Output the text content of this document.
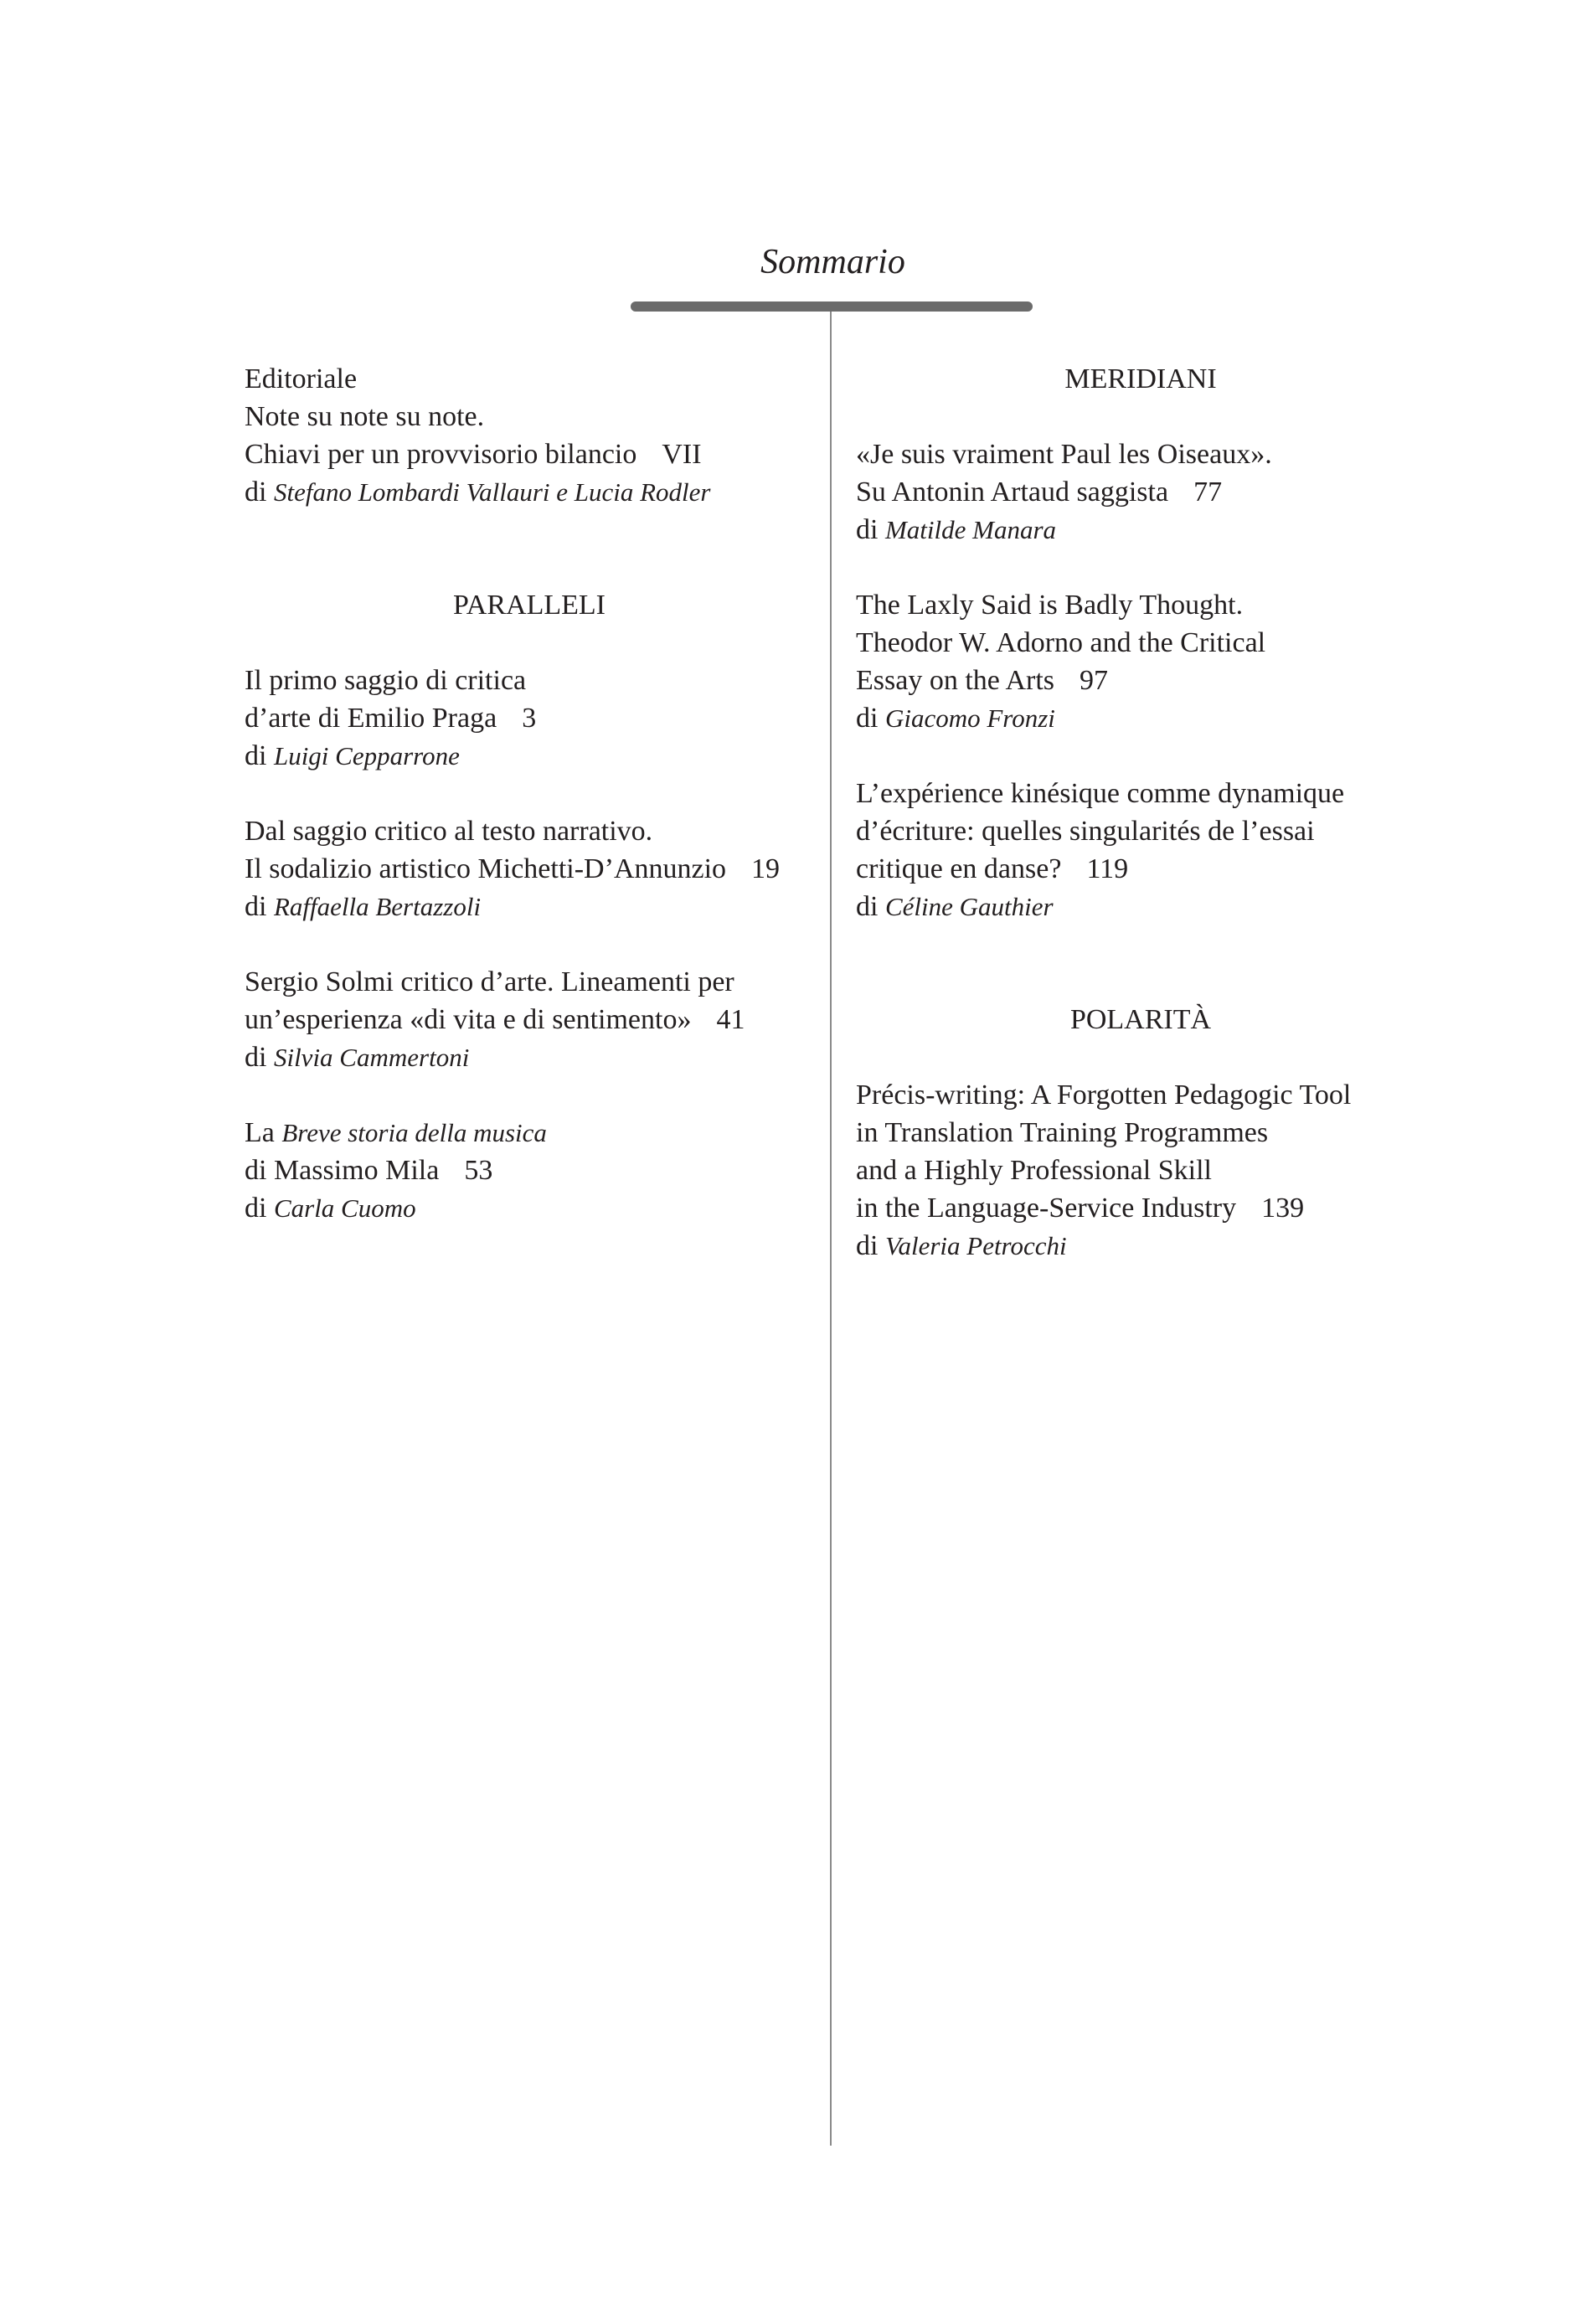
Sommario
Editoriale
Note su note su note.
Chiavi per un provvisorio bilancio VII
di Stefano Lombardi Vallauri e Lucia Rodler
PARALLELI
Il primo saggio di critica
d’arte di Emilio Praga 3
di Luigi Cepparrone
Dal saggio critico al testo narrativo.
Il sodalizio artistico Michetti-D’Annunzio 19
di Raffaella Bertazzoli
Sergio Solmi critico d’arte. Lineamenti per
un’esperienza «di vita e di sentimento» 41
di Silvia Cammertoni
La Breve storia della musica
di Massimo Mila 53
di Carla Cuomo
MERIDIANI
«Je suis vraiment Paul les Oiseaux».
Su Antonin Artaud saggista 77
di Matilde Manara
The Laxly Said is Badly Thought.
Theodor W. Adorno and the Critical
Essay on the Arts 97
di Giacomo Fronzi
L’expérience kinésique comme dynamique
d’écriture: quelles singularités de l’essai
critique en danse? 119
di Céline Gauthier
POLARITÀ
Précis-writing: A Forgotten Pedagogic Tool
in Translation Training Programmes
and a Highly Professional Skill
in the Language-Service Industry 139
di Valeria Petrocchi
